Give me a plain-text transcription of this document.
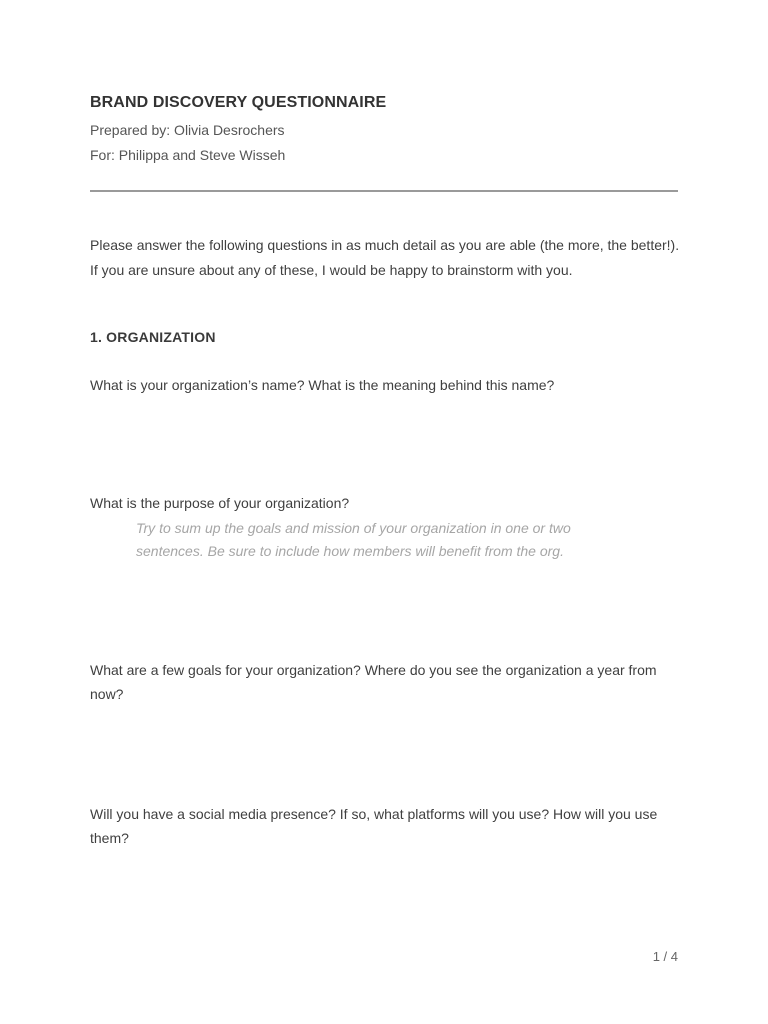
BRAND DISCOVERY QUESTIONNAIRE

Prepared by: Olivia Desrochers

For: Philippa and Steve Wisseh

Please answer the following questions in as much detail as you are able (the more, the better!). If you are unsure about any of these, I would be happy to brainstorm with you.

1. ORGANIZATION

What is your organization’s name? What is the meaning behind this name?

What is the purpose of your organization?

Try to sum up the goals and mission of your organization in one or two sentences. Be sure to include how members will benefit from the org.

What are a few goals for your organization? Where do you see the organization a year from now?

Will you have a social media presence? If so, what platforms will you use? How will you use them?

1 / 4
